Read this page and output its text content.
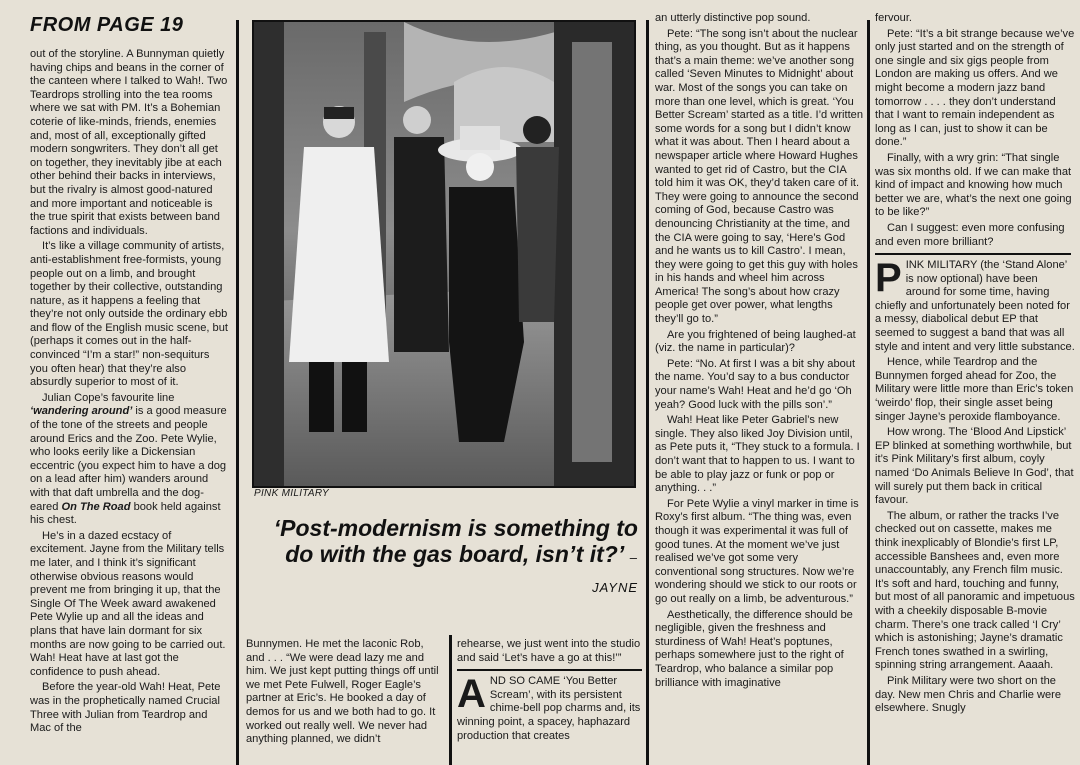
FROM PAGE 19

out of the storyline. A Bunnyman quietly having chips and beans in the corner of the canteen where I talked to Wah!. Two Teardrops strolling into the tea rooms where we sat with PM. It’s a Bohemian coterie of like-minds, friends, enemies and, most of all, exceptionally gifted modern songwriters. They don’t all get on together, they inevitably jibe at each other behind their backs in interviews, but the rivalry is almost good-natured and more important and noticeable is the true spirit that exists between band factions and individuals.

It’s like a village community of artists, anti-establishment free-formists, young people out on a limb, and brought together by their collective, outstanding nature, as it happens a feeling that they’re not only outside the ordinary ebb and flow of the English music scene, but (perhaps it comes out in the half-convinced “I’m a star!” non-sequiturs you often hear) that they’re also absurdly superior to most of it.

Julian Cope’s favourite line ‘wandering around’ is a good measure of the tone of the streets and people around Erics and the Zoo. Pete Wylie, who looks eerily like a Dickensian eccentric (you expect him to have a dog on a lead after him) wanders around with that daft umbrella and the dog-eared On The Road book held against his chest.

He’s in a dazed ecstacy of excitement. Jayne from the Military tells me later, and I think it’s significant otherwise obvious reasons would prevent me from bringing it up, that the Single Of The Week award awakened Pete Wylie up and all the ideas and plans that have lain dormant for six months are now going to be carried out. Wah! Heat have at last got the confidence to push ahead.

Before the year-old Wah! Heat, Pete was in the prophetically named Crucial Three with Julian from Teardrop and Mac of the

PINK MILITARY
‘Post-modernism is something to do with the gas board, isn’t it?’ – JAYNE

Bunnymen. He met the laconic Rob, and . . . “We were dead lazy me and him. We just kept putting things off until we met Pete Fulwell, Roger Eagle’s partner at Eric’s. He booked a day of demos for us and we both had to go. It worked out really well. We never had anything planned, we didn’t

rehearse, we just went into the studio and said ‘Let’s have a go at this!’”

AND SO CAME ‘You Better Scream’, with its persistent chime-bell pop charms and, its winning point, a spacey, haphazard production that creates

an utterly distinctive pop sound.

Pete: “The song isn’t about the nuclear thing, as you thought. But as it happens that’s a main theme: we’ve another song called ‘Seven Minutes to Midnight’ about war. Most of the songs you can take on more than one level, which is great. ‘You Better Scream’ started as a title. I’d written some words for a song but I didn’t know what it was about. Then I heard about a newspaper article where Howard Hughes wanted to get rid of Castro, but the CIA told him it was OK, they’d taken care of it. They were going to announce the second coming of God, because Castro was denouncing Christianity at the time, and the CIA were going to say, ‘Here’s God and he wants us to kill Castro’. I mean, they were going to get this guy with holes in his hands and wheel him across America! The song’s about how crazy people get over power, what lengths they’ll go to.”

Are you frightened of being laughed-at (viz. the name in particular)?

Pete: “No. At first I was a bit shy about the name. You’d say to a bus conductor your name’s Wah! Heat and he’d go ‘Oh yeah? Good luck with the pills son’.”

Wah! Heat like Peter Gabriel’s new single. They also liked Joy Division until, as Pete puts it, “They stuck to a formula. I don’t want that to happen to us. I want to be able to play jazz or funk or pop or anything. . .”

For Pete Wylie a vinyl marker in time is Roxy’s first album. “The thing was, even though it was experimental it was full of good tunes. At the moment we’ve just realised we’ve got some very conventional song structures. Now we’re wondering should we stick to our roots or go out really on a limb, be adventurous.”

Aesthetically, the difference should be negligible, given the freshness and sturdiness of Wah! Heat’s poptunes, perhaps somewhere just to the right of Teardrop, who balance a similar pop brilliance with imaginative

fervour.

Pete: “It’s a bit strange because we’ve only just started and on the strength of one single and six gigs people from London are making us offers. And we might become a modern jazz band tomorrow . . . . they don’t understand that I want to remain independent as long as I can, just to show it can be done.”

Finally, with a wry grin: “That single was six months old. If we can make that kind of impact and knowing how much better we are, what’s the next one going to be like?”

Can I suggest: even more confusing and even more brilliant?

PINK MILITARY (the ‘Stand Alone’ is now optional) have been around for some time, having chiefly and unfortunately been noted for a messy, diabolical debut EP that seemed to suggest a band that was all style and intent and very little substance.

Hence, while Teardrop and the Bunnymen forged ahead for Zoo, the Military were little more than Eric’s token ‘weirdo’ flop, their single asset being singer Jayne’s peroxide flamboyance.

How wrong. The ‘Blood And Lipstick’ EP blinked at something worthwhile, but it’s Pink Military’s first album, coyly named ‘Do Animals Believe In God’, that will surely put them back in critical favour.

The album, or rather the tracks I’ve checked out on cassette, makes me think inexplicably of Blondie’s first LP, accessible Banshees and, even more unaccountably, any French film music. It’s soft and hard, touching and funny, but most of all panoramic and impetuous with a cheekily disposable B-movie charm. There’s one track called ‘I Cry’ which is astonishing; Jayne’s dramatic French tones swathed in a swirling, spinning string arrangement. Aaaah.

Pink Military were two short on the day. New men Chris and Charlie were elsewhere. Snugly
